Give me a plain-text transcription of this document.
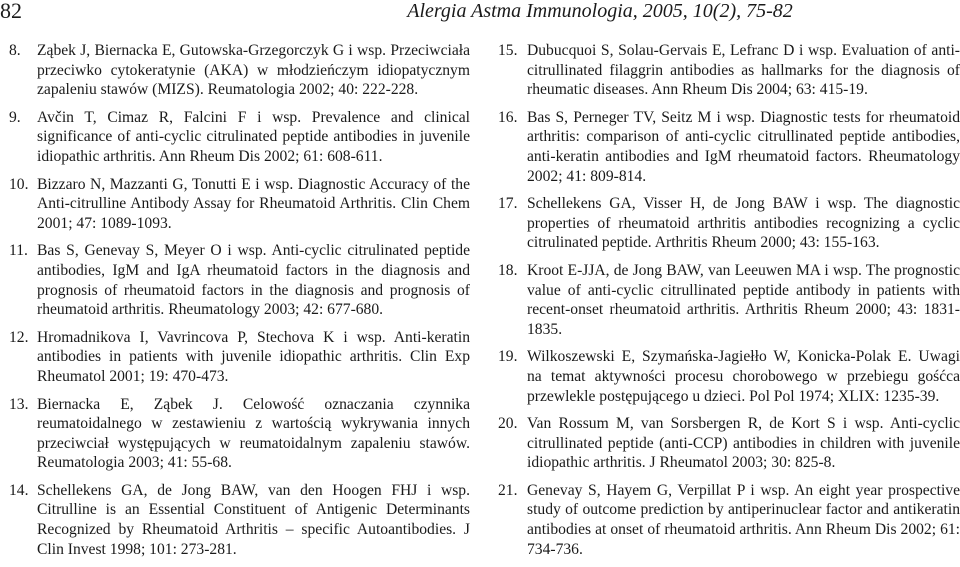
82	Alergia Astma Immunologia, 2005, 10(2), 75-82
8.	Ząbek J, Biernacka E, Gutowska-Grzegorczyk G i wsp. Przeciwciała przeciwko cytokeratynie (AKA) w młodzieńczym idiopatycznym zapaleniu stawów (MIZS). Reumatologia 2002; 40: 222-228.
9.	Avčin T, Cimaz R, Falcini F i wsp. Prevalence and clinical significance of anti-cyclic citrulinated peptide antibodies in juvenile idiopathic arthritis. Ann Rheum Dis 2002; 61: 608-611.
10. Bizzaro N, Mazzanti G, Tonutti E i wsp. Diagnostic Accuracy of the Anti-citrulline Antibody Assay for Rheumatoid Arthritis. Clin Chem 2001; 47: 1089-1093.
11. Bas S, Genevay S, Meyer O i wsp. Anti-cyclic citrulinated peptide antibodies, IgM and IgA rheumatoid factors in the diagnosis and prognosis of rheumatoid factors in the diagnosis and prognosis of rheumatoid arthritis. Rheumatology 2003; 42: 677-680.
12. Hromadnikova I, Vavrincova P, Stechova K i wsp. Anti-keratin antibodies in patients with juvenile idiopathic arthritis. Clin Exp Rheumatol 2001; 19: 470-473.
13. Biernacka E, Ząbek J. Celowość oznaczania czynnika reumatoidalnego w zestawieniu z wartością wykrywania innych przeciwciał występujących w reumatoidalnym zapaleniu stawów. Reumatologia 2003; 41: 55-68.
14. Schellekens GA, de Jong BAW, van den Hoogen FHJ i wsp. Citrulline is an Essential Constituent of Antigenic Determinants Recognized by Rheumatoid Arthritis – specific Autoantibodies. J Clin Invest 1998; 101: 273-281.
15. Dubucquoi S, Solau-Gervais E, Lefranc D i wsp. Evaluation of anti-citrullinated filaggrin antibodies as hallmarks for the diagnosis of rheumatic diseases. Ann Rheum Dis 2004; 63: 415-19.
16. Bas S, Perneger TV, Seitz M i wsp. Diagnostic tests for rheumatoid arthritis: comparison of anti-cyclic citrullinated peptide antibodies, anti-keratin antibodies and IgM rheumatoid factors. Rheumatology 2002; 41: 809-814.
17. Schellekens GA, Visser H, de Jong BAW i wsp. The diagnostic properties of rheumatoid arthritis antibodies recognizing a cyclic citrulinated peptide. Arthritis Rheum 2000; 43: 155-163.
18. Kroot E-JJA, de Jong BAW, van Leeuwen MA i wsp. The prognostic value of anti-cyclic citrullinated peptide antibody in patients with recent-onset rheumatoid arthritis. Arthritis Rheum 2000; 43: 1831-1835.
19. Wilkoszewski E, Szymańska-Jagiełło W, Konicka-Polak E. Uwagi na temat aktywności procesu chorobowego w przebiegu gośćca przewlekle postępującego u dzieci. Pol Pol 1974; XLIX: 1235-39.
20. Van Rossum M, van Sorsbergen R, de Kort S i wsp. Anti-cyclic citrullinated peptide (anti-CCP) antibodies in children with juvenile idiopathic arthritis. J Rheumatol 2003; 30: 825-8.
21. Genevay S, Hayem G, Verpillat P i wsp. An eight year prospective study of outcome prediction by antiperinuclear factor and antikeratin antibodies at onset of rheumatoid arthritis. Ann Rheum Dis 2002; 61: 734-736.
